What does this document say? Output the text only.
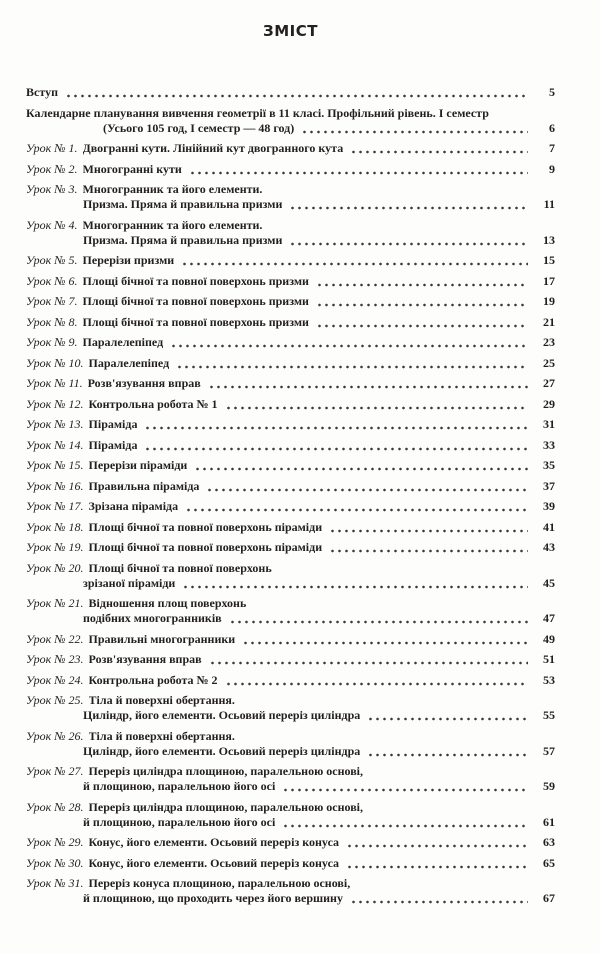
ЗМІСТ
Вступ	5
Календарне планування вивчення геометрії в 11 класі. Профільний рівень. I семестр
(Усього 105 год, I семестр — 48 год)	6
Урок № 1. Двогранні кути. Лінійний кут двогранного кута	7
Урок № 2. Многогранні кути	9
Урок № 3. Многогранник та його елементи.
Призма. Пряма й правильна призми	11
Урок № 4. Многогранник та його елементи.
Призма. Пряма й правильна призми	13
Урок № 5. Перерізи призми	15
Урок № 6. Площі бічної та повної поверхонь призми	17
Урок № 7. Площі бічної та повної поверхонь призми	19
Урок № 8. Площі бічної та повної поверхонь призми	21
Урок № 9. Паралелепіпед	23
Урок № 10. Паралелепіпед	25
Урок № 11. Розв'язування вправ	27
Урок № 12. Контрольна робота № 1	29
Урок № 13. Піраміда	31
Урок № 14. Піраміда	33
Урок № 15. Перерізи піраміди	35
Урок № 16. Правильна піраміда	37
Урок № 17. Зрізана піраміда	39
Урок № 18. Площі бічної та повної поверхонь піраміди	41
Урок № 19. Площі бічної та повної поверхонь піраміди	43
Урок № 20. Площі бічної та повної поверхонь
зрізаної піраміди	45
Урок № 21. Відношення площ поверхонь
подібних многогранників	47
Урок № 22. Правильні многогранники	49
Урок № 23. Розв'язування вправ	51
Урок № 24. Контрольна робота № 2	53
Урок № 25. Тіла й поверхні обертання.
Циліндр, його елементи. Осьовий переріз циліндра	55
Урок № 26. Тіла й поверхні обертання.
Циліндр, його елементи. Осьовий переріз циліндра	57
Урок № 27. Переріз циліндра площиною, паралельною основі,
й площиною, паралельною його осі	59
Урок № 28. Переріз циліндра площиною, паралельною основі,
й площиною, паралельною його осі	61
Урок № 29. Конус, його елементи. Осьовий переріз конуса	63
Урок № 30. Конус, його елементи. Осьовий переріз конуса	65
Урок № 31. Переріз конуса площиною, паралельною основі,
й площиною, що проходить через його вершину	67
